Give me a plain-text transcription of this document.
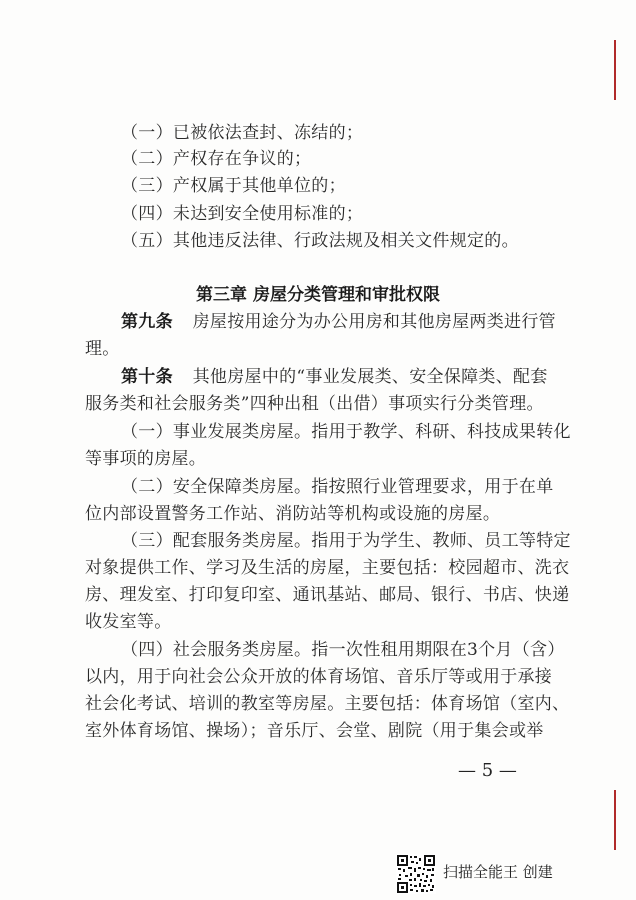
（一）已被依法查封、冻结的；
（二）产权存在争议的；
（三）产权属于其他单位的；
（四）未达到安全使用标准的；
（五）其他违反法律、行政法规及相关文件规定的。
第三章 房屋分类管理和审批权限
第九条 房屋按用途分为办公用房和其他房屋两类进行管
理。
第十条 其他房屋中的“事业发展类、安全保障类、配套
服务类和社会服务类”四种出租（出借）事项实行分类管理。
（一）事业发展类房屋。指用于教学、科研、科技成果转化
等事项的房屋。
（二）安全保障类房屋。指按照行业管理要求，用于在单
位内部设置警务工作站、消防站等机构或设施的房屋。
（三）配套服务类房屋。指用于为学生、教师、员工等特定
对象提供工作、学习及生活的房屋，主要包括：校园超市、洗衣
房、理发室、打印复印室、通讯基站、邮局、银行、书店、快递
收发室等。
（四）社会服务类房屋。指一次性租用期限在3个月（含）
以内，用于向社会公众开放的体育场馆、音乐厅等或用于承接
社会化考试、培训的教室等房屋。主要包括：体育场馆（室内、
室外体育场馆、操场）；音乐厅、会堂、剧院（用于集会或举
— 5 —
扫描全能王 创建
